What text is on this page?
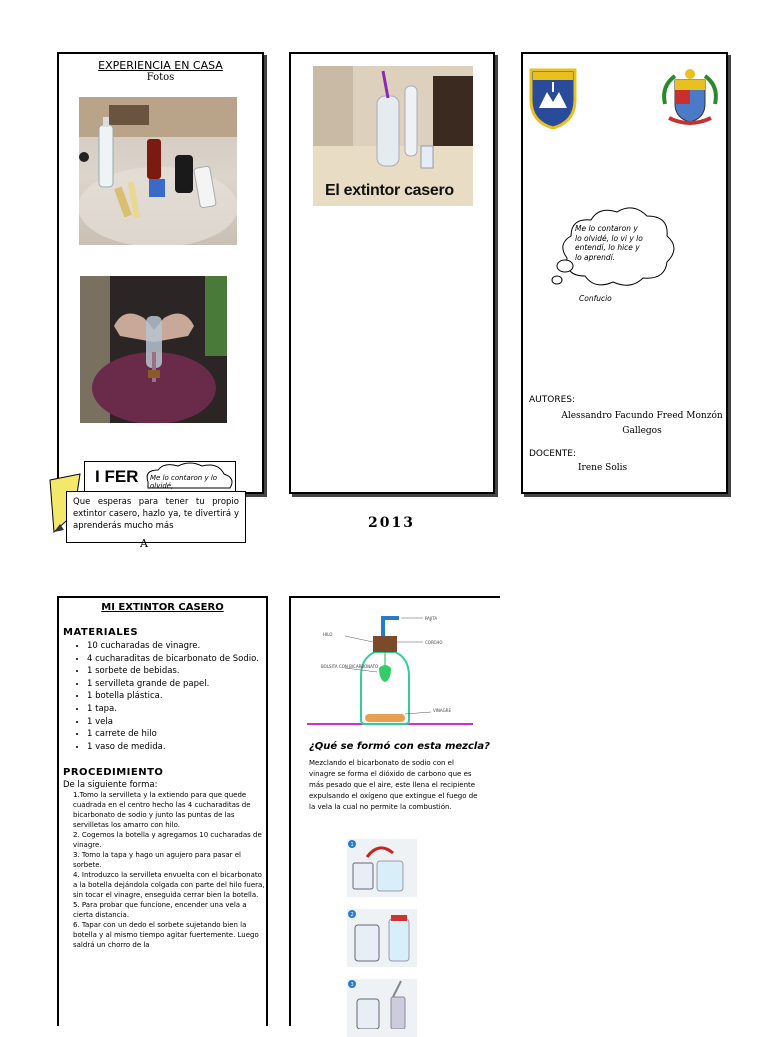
EXPERIENCIA EN CASA
Fotos
El extintor casero
Me lo contaron y lo olvidé, lo vi y lo entendí, lo hice y lo aprendí.
Confucio
AUTORES:
Alessandro Facundo Freed Monzón Gallegos
DOCENTE:
Irene Solis
I FER Me lo contaron y lo olvidé,
Que esperas para tener tu propio extintor casero, hazlo ya, te divertirá y aprenderás mucho más
A
2013
MI EXTINTOR CASERO
MATERIALES
• 10 cucharadas de vinagre.
• 4 cucharaditas de bicarbonato de Sodio.
• 1 sorbete de bebidas.
• 1 servilleta grande de papel.
• 1 botella plástica.
• 1 tapa.
• 1 vela
• 1 carrete de hilo
• 1 vaso de medida.
PROCEDIMIENTO
De la siguiente forma:
1.Tomo la servilleta y la extiendo para que quede cuadrada en el centro hecho las 4 cucharaditas de bicarbonato de sodio y junto las puntas de las servilletas los amarro con hilo.
2. Cogemos la botella y agregamos 10 cucharadas de vinagre.
3. Tomo la tapa y hago un agujero para pasar el sorbete.
4. Introduzco la servilleta envuelta con el bicarbonato a la botella dejándola colgada con parte del hilo fuera, sin tocar el vinagre, enseguida cerrar bien la botella.
5. Para probar que funcione, encender una vela a cierta distancia.
6. Tapar con un dedo el sorbete sujetando bien la botella y al mismo tiempo agitar fuertemente. Luego saldrá un chorro de la
PAJITA
HILO
CORCHO
BOLSITA CON BICARBONATO
VINAGRE
¿Qué se formó con esta mezcla?
Mezclando el bicarbonato de sodio con el vinagre se forma el dióxido de carbono que es más pesado que el aire, este llena el recipiente expulsando el oxígeno que extingue el fuego de la vela la cual no permite la combustión.
1
2
3
